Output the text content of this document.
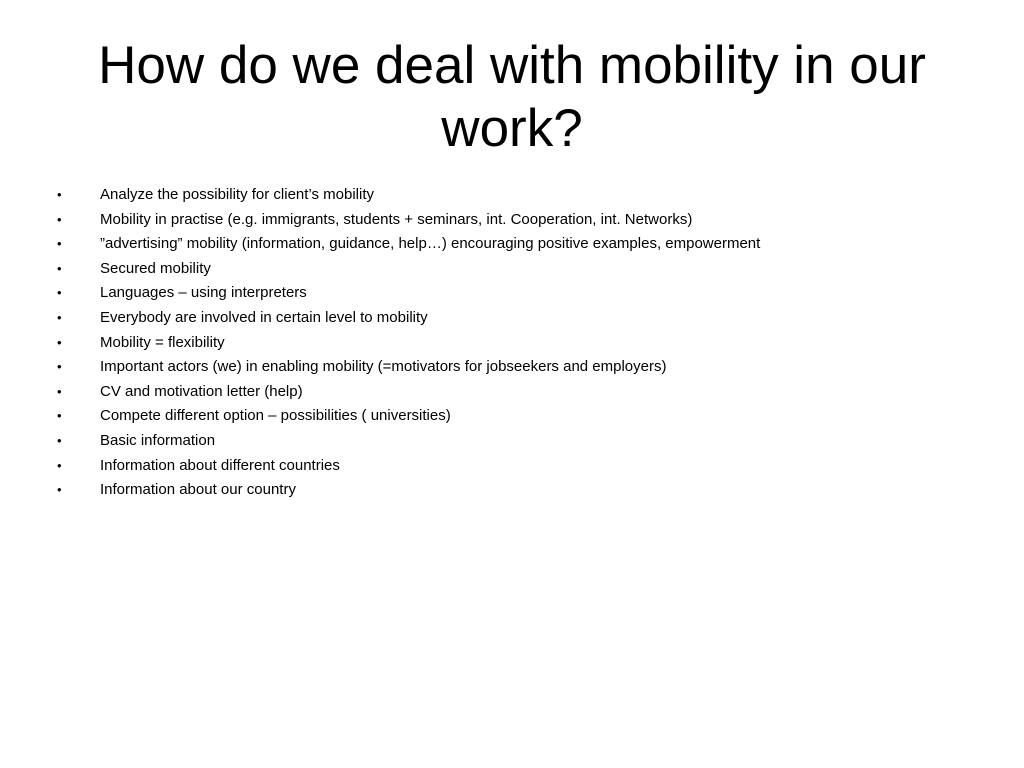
How do we deal with mobility in our work?
•	Analyze the possibility for client’s mobility
•	Mobility in practise (e.g. immigrants, students + seminars, int. Cooperation, int. Networks)
•	”advertising” mobility (information, guidance, help…) encouraging positive examples, empowerment
•	Secured mobility
•	Languages – using interpreters
•	Everybody are involved in certain level to mobility
•	Mobility = flexibility
•	Important actors (we) in enabling mobility (=motivators for jobseekers and employers)
•	CV and motivation letter (help)
•	Compete different option – possibilities ( universities)
•	Basic information
•	Information about different countries
•	Information about our country
